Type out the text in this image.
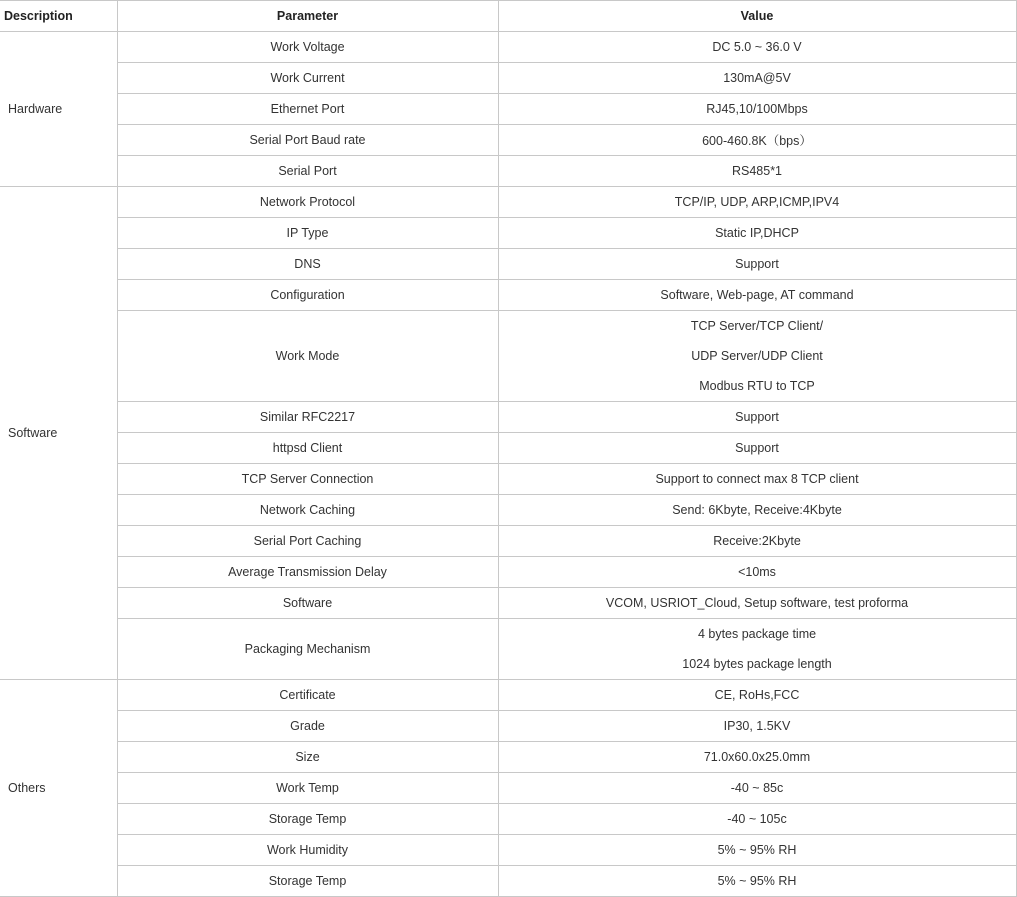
Description	Parameter	Value
Hardware	Work Voltage	DC 5.0 ~ 36.0 V
	Work Current	130mA@5V
	Ethernet Port	RJ45,10/100Mbps
	Serial Port Baud rate	600-460.8K（bps）
	Serial Port	RS485*1
Software	Network Protocol	TCP/IP, UDP, ARP,ICMP,IPV4
	IP Type	Static IP,DHCP
	DNS	Support
	Configuration	Software, Web-page, AT command
	Work Mode	TCP Server/TCP Client/
UDP Server/UDP Client
Modbus RTU to TCP

	Similar RFC2217	Support
	httpsd Client	Support
	TCP Server Connection	Support to connect max 8 TCP client
	Network Caching	Send: 6Kbyte, Receive:4Kbyte
	Serial Port Caching	Receive:2Kbyte
	Average Transmission Delay	<10ms
	Software	VCOM, USRIOT_Cloud, Setup software, test proforma
	Packaging Mechanism	4 bytes package time
1024 bytes package length

Others	Certificate	CE, RoHs,FCC
	Grade	IP30, 1.5KV
	Size	71.0x60.0x25.0mm
	Work Temp	-40 ~ 85c
	Storage Temp	-40 ~ 105c
	Work Humidity	5% ~ 95% RH
	Storage Temp	5% ~ 95% RH
